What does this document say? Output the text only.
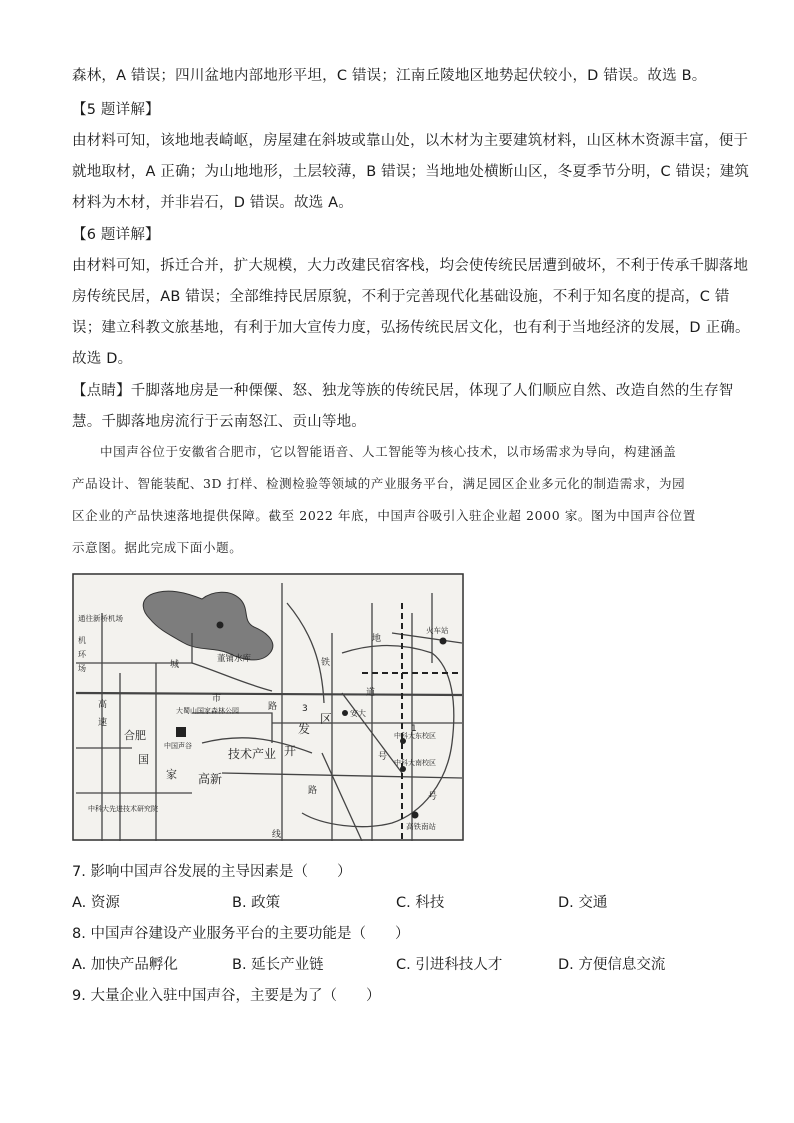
森林，A 错误；四川盆地内部地形平坦，C 错误；江南丘陵地区地势起伏较小，D 错误。故选 B。
【5 题详解】
由材料可知，该地地表崎岖，房屋建在斜坡或靠山处，以木材为主要建筑材料，山区林木资源丰富，便于
就地取材，A 正确；为山地地形，土层较薄，B 错误；当地地处横断山区，冬夏季节分明，C 错误；建筑
材料为木材，并非岩石，D 错误。故选 A。
【6 题详解】
由材料可知，拆迁合并，扩大规模，大力改建民宿客栈，均会使传统民居遭到破坏，不利于传承千脚落地
房传统民居，AB 错误；全部维持民居原貌，不利于完善现代化基础设施，不利于知名度的提高，C 错
误；建立科教文旅基地，有利于加大宣传力度，弘扬传统民居文化，也有利于当地经济的发展，D 正确。
故选 D。
【点睛】千脚落地房是一种傈僳、怒、独龙等族的传统民居，体现了人们顺应自然、改造自然的生存智
慧。千脚落地房流行于云南怒江、贡山等地。
中国声谷位于安徽省合肥市，它以智能语音、人工智能等为核心技术，以市场需求为导向，构建涵盖
产品设计、智能装配、3D 打样、检测检验等领域的产业服务平台，满足园区企业多元化的制造需求，为园
区企业的产品快速落地提供保障。截至 2022 年底，中国声谷吸引入驻企业超 2000 家。图为中国声谷位置
示意图。据此完成下面小题。
董铺水库
通往新桥机场
大蜀山国家森林公园
中国声谷
合肥
国
家 高新
技术产业 开
发
区
3	安大
中科大东校区
中科大南校区
火车站
高铁南站
中科大先进技术研究院
高
速
城
市
线
路
铁
地
道
1
号
环
机
场
路
号
7. 影响中国声谷发展的主导因素是（　　）
A. 资源	B. 政策	C. 科技	D. 交通
8. 中国声谷建设产业服务平台的主要功能是（　　）
A. 加快产品孵化	B. 延长产业链	C. 引进科技人才	D. 方便信息交流
9. 大量企业入驻中国声谷，主要是为了（　　）
